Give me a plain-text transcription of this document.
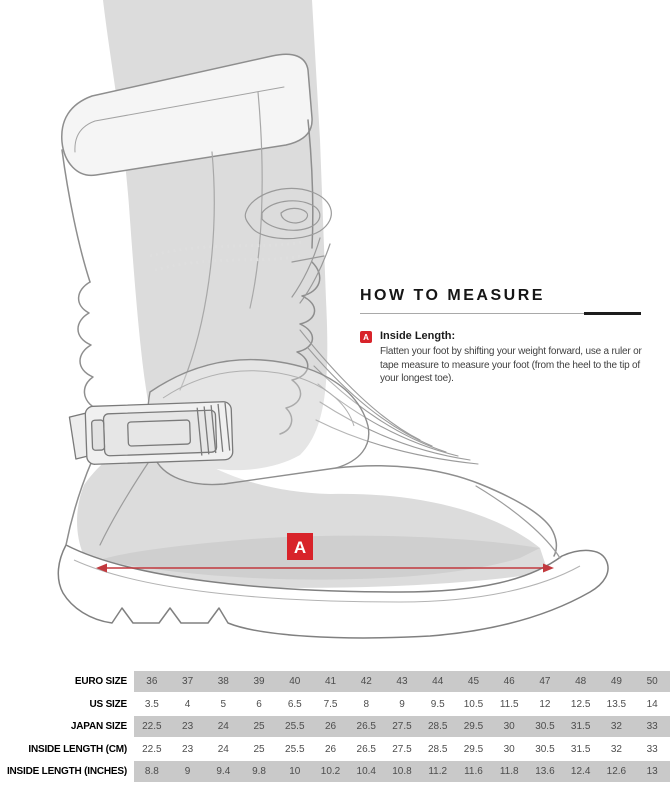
A
HOW TO MEASURE
A Inside Length:

Flatten your foot by shifting your weight forward, use a ruler or tape measure to measure your foot (from the heel to the tip of your longest toe).

EURO SIZE	36	37	38	39	40	41	42	43	44	45	46	47	48	49	50
US SIZE	3.5	4	5	6	6.5	7.5	8	9	9.5	10.5	11.5	12	12.5	13.5	14
JAPAN SIZE	22.5	23	24	25	25.5	26	26.5	27.5	28.5	29.5	30	30.5	31.5	32	33
INSIDE LENGTH (CM)	22.5	23	24	25	25.5	26	26.5	27.5	28.5	29.5	30	30.5	31.5	32	33
INSIDE LENGTH (INCHES)	8.8	9	9.4	9.8	10	10.2	10.4	10.8	11.2	11.6	11.8	13.6	12.4	12.6	13
